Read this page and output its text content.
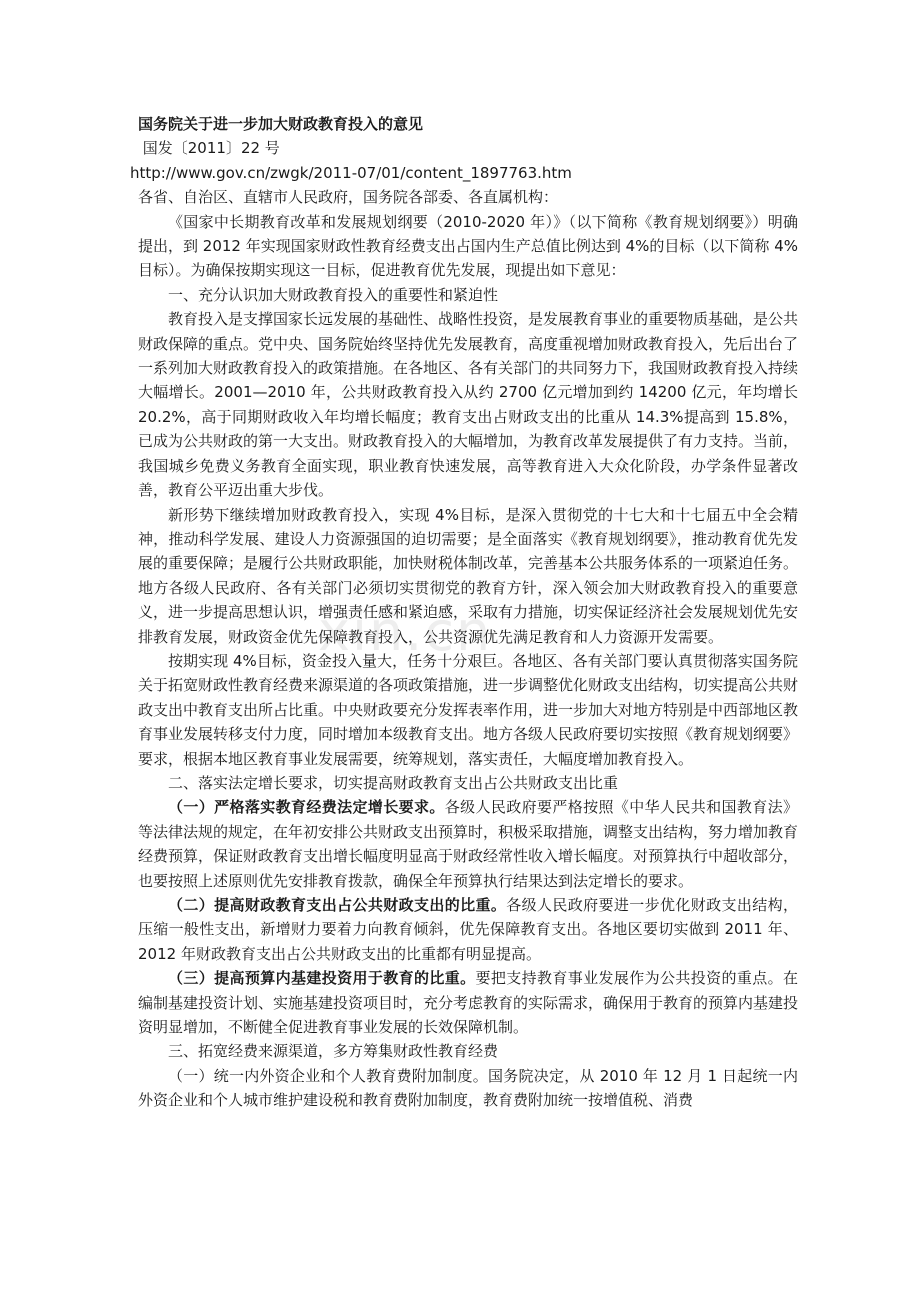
xin.cn
国务院关于进一步加大财政教育投入的意见
国发〔2011〕22 号
http://www.gov.cn/zwgk/2011-07/01/content_1897763.htm
各省、自治区、直辖市人民政府，国务院各部委、各直属机构：
《国家中长期教育改革和发展规划纲要（2010-2020 年）》（以下简称《教育规划纲要》）明确提出，到 2012 年实现国家财政性教育经费支出占国内生产总值比例达到 4%的目标（以下简称 4%目标）。为确保按期实现这一目标，促进教育优先发展，现提出如下意见：
一、充分认识加大财政教育投入的重要性和紧迫性
教育投入是支撑国家长远发展的基础性、战略性投资，是发展教育事业的重要物质基础，是公共财政保障的重点。党中央、国务院始终坚持优先发展教育，高度重视增加财政教育投入，先后出台了一系列加大财政教育投入的政策措施。在各地区、各有关部门的共同努力下，我国财政教育投入持续大幅增长。2001—2010 年，公共财政教育投入从约 2700 亿元增加到约 14200 亿元，年均增长 20.2%，高于同期财政收入年均增长幅度；教育支出占财政支出的比重从 14.3%提高到 15.8%，已成为公共财政的第一大支出。财政教育投入的大幅增加，为教育改革发展提供了有力支持。当前，我国城乡免费义务教育全面实现，职业教育快速发展，高等教育进入大众化阶段，办学条件显著改善，教育公平迈出重大步伐。
新形势下继续增加财政教育投入，实现 4%目标，是深入贯彻党的十七大和十七届五中全会精神，推动科学发展、建设人力资源强国的迫切需要；是全面落实《教育规划纲要》，推动教育优先发展的重要保障；是履行公共财政职能，加快财税体制改革，完善基本公共服务体系的一项紧迫任务。地方各级人民政府、各有关部门必须切实贯彻党的教育方针，深入领会加大财政教育投入的重要意义，进一步提高思想认识，增强责任感和紧迫感，采取有力措施，切实保证经济社会发展规划优先安排教育发展，财政资金优先保障教育投入，公共资源优先满足教育和人力资源开发需要。
按期实现 4%目标，资金投入量大，任务十分艰巨。各地区、各有关部门要认真贯彻落实国务院关于拓宽财政性教育经费来源渠道的各项政策措施，进一步调整优化财政支出结构，切实提高公共财政支出中教育支出所占比重。中央财政要充分发挥表率作用，进一步加大对地方特别是中西部地区教育事业发展转移支付力度，同时增加本级教育支出。地方各级人民政府要切实按照《教育规划纲要》要求，根据本地区教育事业发展需要，统筹规划，落实责任，大幅度增加教育投入。
二、落实法定增长要求，切实提高财政教育支出占公共财政支出比重
（一）严格落实教育经费法定增长要求。各级人民政府要严格按照《中华人民共和国教育法》等法律法规的规定，在年初安排公共财政支出预算时，积极采取措施，调整支出结构，努力增加教育经费预算，保证财政教育支出增长幅度明显高于财政经常性收入增长幅度。对预算执行中超收部分，也要按照上述原则优先安排教育拨款，确保全年预算执行结果达到法定增长的要求。
（二）提高财政教育支出占公共财政支出的比重。各级人民政府要进一步优化财政支出结构，压缩一般性支出，新增财力要着力向教育倾斜，优先保障教育支出。各地区要切实做到 2011 年、2012 年财政教育支出占公共财政支出的比重都有明显提高。
（三）提高预算内基建投资用于教育的比重。要把支持教育事业发展作为公共投资的重点。在编制基建投资计划、实施基建投资项目时，充分考虑教育的实际需求，确保用于教育的预算内基建投资明显增加，不断健全促进教育事业发展的长效保障机制。
三、拓宽经费来源渠道，多方筹集财政性教育经费
（一）统一内外资企业和个人教育费附加制度。国务院决定，从 2010 年 12 月 1 日起统一内外资企业和个人城市维护建设税和教育费附加制度，教育费附加统一按增值税、消费
